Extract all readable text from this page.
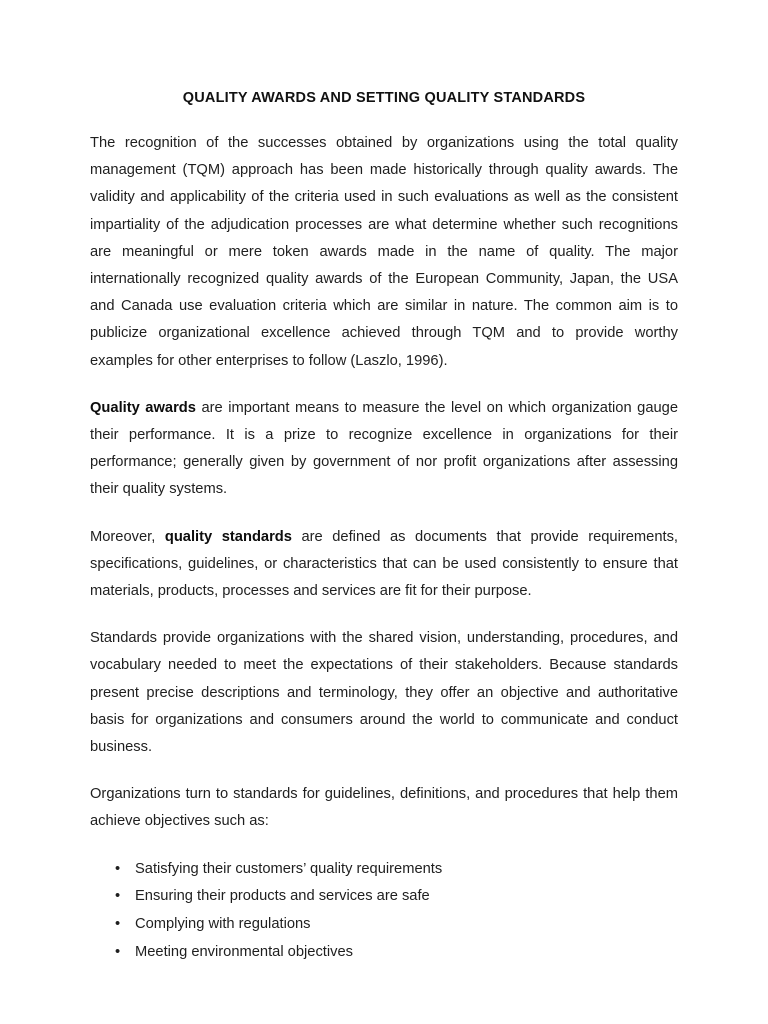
QUALITY AWARDS AND SETTING QUALITY STANDARDS

The recognition of the successes obtained by organizations using the total quality management (TQM) approach has been made historically through quality awards. The validity and applicability of the criteria used in such evaluations as well as the consistent impartiality of the adjudication processes are what determine whether such recognitions are meaningful or mere token awards made in the name of quality. The major internationally recognized quality awards of the European Community, Japan, the USA and Canada use evaluation criteria which are similar in nature. The common aim is to publicize organizational excellence achieved through TQM and to provide worthy examples for other enterprises to follow (Laszlo, 1996).

Quality awards are important means to measure the level on which organization gauge their performance. It is a prize to recognize excellence in organizations for their performance; generally given by government of nor profit organizations after assessing their quality systems.

Moreover, quality standards are defined as documents that provide requirements, specifications, guidelines, or characteristics that can be used consistently to ensure that materials, products, processes and services are fit for their purpose.

Standards provide organizations with the shared vision, understanding, procedures, and vocabulary needed to meet the expectations of their stakeholders. Because standards present precise descriptions and terminology, they offer an objective and authoritative basis for organizations and consumers around the world to communicate and conduct business.

Organizations turn to standards for guidelines, definitions, and procedures that help them achieve objectives such as:

• Satisfying their customers’ quality requirements
• Ensuring their products and services are safe
• Complying with regulations
• Meeting environmental objectives
